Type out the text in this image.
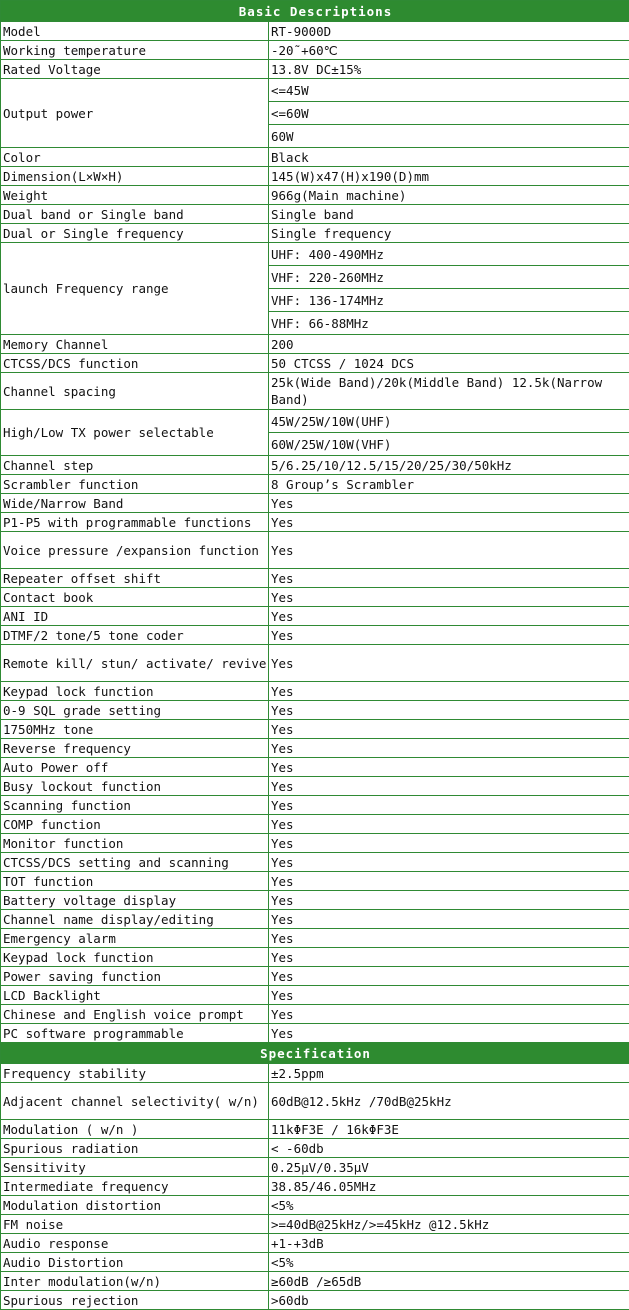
Basic Descriptions	
Model	RT-9000D
Working temperature	-20˜+60℃
Rated Voltage	13.8V DC±15%
Output power	<=45W
	<=60W
	60W
Color	Black
Dimension(L×W×H)	145(W)x47(H)x190(D)mm
Weight	966g(Main machine)
Dual band or Single band	Single band
Dual or Single frequency	Single frequency
launch Frequency range	UHF: 400-490MHz
	VHF: 220-260MHz
	VHF: 136-174MHz
	VHF: 66-88MHz
Memory Channel	200
CTCSS/DCS function	50 CTCSS / 1024 DCS
Channel spacing	25k(Wide Band)/20k(Middle Band) 12.5k(Narrow Band)
High/Low TX power selectable	45W/25W/10W(UHF)
	60W/25W/10W(VHF)
Channel step	5/6.25/10/12.5/15/20/25/30/50kHz
Scrambler function	8 Group’s Scrambler
Wide/Narrow Band	Yes
P1-P5 with programmable functions	Yes
Voice pressure /expansion function	Yes
Repeater offset shift	Yes
Contact book	Yes
ANI ID	Yes
DTMF/2 tone/5 tone coder	Yes
Remote kill/ stun/ activate/ revive	Yes
Keypad lock function	Yes
0-9 SQL grade setting	Yes
1750MHz tone	Yes
Reverse frequency	Yes
Auto Power off	Yes
Busy lockout function	Yes
Scanning function	Yes
COMP function	Yes
Monitor function	Yes
CTCSS/DCS setting and scanning	Yes
TOT function	Yes
Battery voltage display	Yes
Channel name display/editing	Yes
Emergency alarm	Yes
Keypad lock function	Yes
Power saving function	Yes
LCD Backlight	Yes
Chinese and English voice prompt	Yes
PC software programmable	Yes
Specification	
Frequency stability	±2.5ppm
Adjacent channel selectivity( w/n)	60dB@12.5kHz /70dB@25kHz
Modulation ( w/n )	11kΦF3E / 16kΦF3E
Spurious radiation	< -60db
Sensitivity	0.25μV/0.35μV
Intermediate frequency	38.85/46.05MHz
Modulation distortion	<5%
FM noise	>=40dB@25kHz/>=45kHz @12.5kHz
Audio response	+1-+3dB
Audio Distortion	<5%
Inter modulation(w/n)	≥60dB /≥65dB
Spurious rejection	>60db
